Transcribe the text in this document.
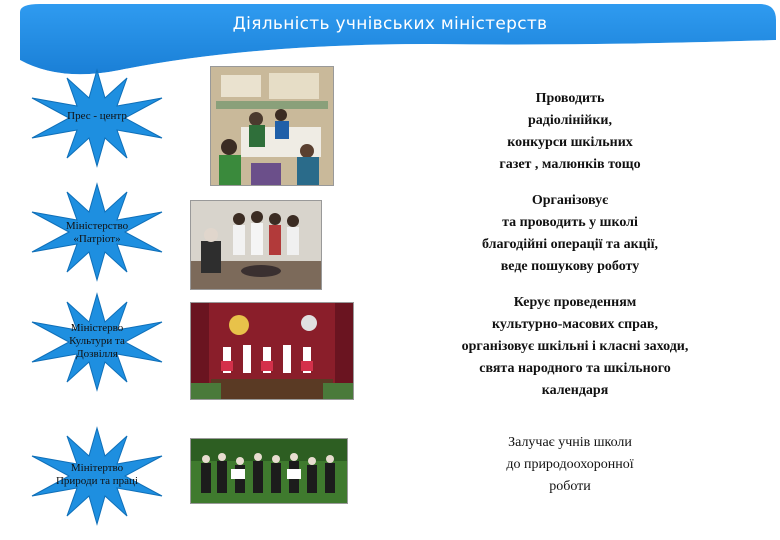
Діяльність учнівських міністерств
Прес - центр
Проводить
радіолінійки,
конкурси шкільних
газет , малюнків тощо
Міністерство
«Патріот»
Організовує
та проводить у школі
благодійні операції та акції,
веде пошукову роботу
Міністерво
Культури та
Дозвілля
Керує проведенням
культурно-масових справ,
організовує шкільні і класні заходи,
свята народного та шкільного
календаря
Мінітертво
Природи та праці
Залучає учнів школи
до природоохоронної
роботи
